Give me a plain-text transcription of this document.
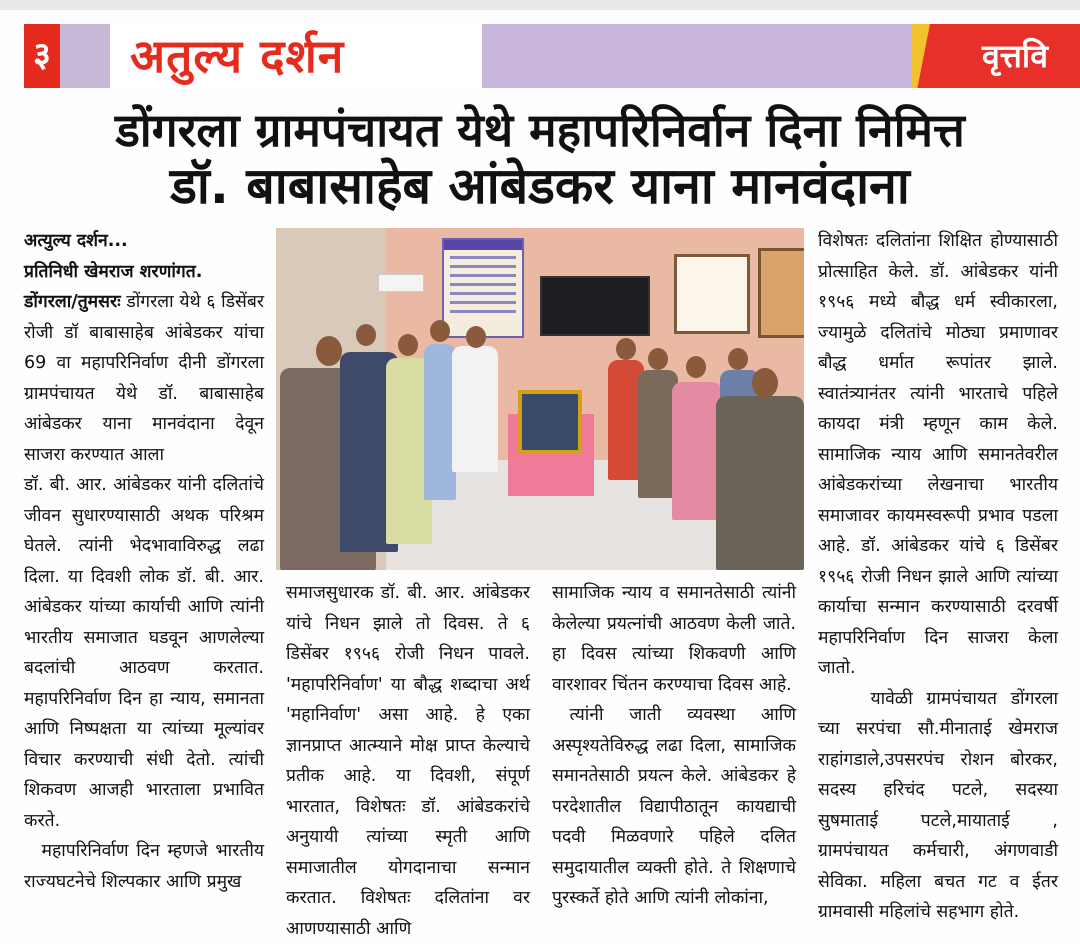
३	अतुल्य दर्शन	वृत्तवि
डोंगरला ग्रामपंचायत येथे महापरिनिर्वान दिना निमित्त
डॉ. बाबासाहेब आंबेडकर याना मानवंदाना

अत्युल्य दर्शन...

प्रतिनिधी खेमराज शरणांगत.

डोंगरला/तुमसरः डोंगरला येथे ६ डिसेंबर रोजी डॉ बाबासाहेब आंबेडकर यांचा 69 वा महापरिनिर्वाण दीनी डोंगरला ग्रामपंचायत येथे डॉ. बाबासाहेब आंबेडकर याना मानवंदाना देवून साजरा करण्यात आला

डॉ. बी. आर. आंबेडकर यांनी दलितांचे जीवन सुधारण्यासाठी अथक परिश्रम घेतले. त्यांनी भेदभावाविरुद्ध लढा दिला. या दिवशी लोक डॉ. बी. आर. आंबेडकर यांच्या कार्याची आणि त्यांनी भारतीय समाजात घडवून आणलेल्या बदलांची आठवण करतात. महापरिनिर्वाण दिन हा न्याय, समानता आणि निष्पक्षता या त्यांच्या मूल्यांवर विचार करण्याची संधी देतो. त्यांची शिकवण आजही भारताला प्रभावित करते.

महापरिनिर्वाण दिन म्हणजे भारतीय राज्यघटनेचे शिल्पकार आणि प्रमुख

समाजसुधारक डॉ. बी. आर. आंबेडकर यांचे निधन झाले तो दिवस. ते ६ डिसेंबर १९५६ रोजी निधन पावले. 'महापरिनिर्वाण' या बौद्ध शब्दाचा अर्थ 'महानिर्वाण' असा आहे. हे एका ज्ञानप्राप्त आत्म्याने मोक्ष प्राप्त केल्याचे प्रतीक आहे. या दिवशी, संपूर्ण भारतात, विशेषतः डॉ. आंबेडकरांचे अनुयायी त्यांच्या स्मृती आणि समाजातील योगदानाचा सन्मान करतात. विशेषतः दलितांना वर आणण्यासाठी आणि

सामाजिक न्याय व समानतेसाठी त्यांनी केलेल्या प्रयत्नांची आठवण केली जाते. हा दिवस त्यांच्या शिकवणी आणि वारशावर चिंतन करण्याचा दिवस आहे.

त्यांनी जाती व्यवस्था आणि अस्पृश्यतेविरुद्ध लढा दिला, सामाजिक समानतेसाठी प्रयत्न केले. आंबेडकर हे परदेशातील विद्यापीठातून कायद्याची पदवी मिळवणारे पहिले दलित समुदायातील व्यक्ती होते. ते शिक्षणाचे पुरस्कर्ते होते आणि त्यांनी लोकांना,

विशेषतः दलितांना शिक्षित होण्यासाठी प्रोत्साहित केले. डॉ. आंबेडकर यांनी १९५६ मध्ये बौद्ध धर्म स्वीकारला, ज्यामुळे दलितांचे मोठ्या प्रमाणावर बौद्ध धर्मात रूपांतर झाले. स्वातंत्र्यानंतर त्यांनी भारताचे पहिले कायदा मंत्री म्हणून काम केले. सामाजिक न्याय आणि समानतेवरील आंबेडकरांच्या लेखनाचा भारतीय समाजावर कायमस्वरूपी प्रभाव पडला आहे. डॉ. आंबेडकर यांचे ६ डिसेंबर १९५६ रोजी निधन झाले आणि त्यांच्या कार्याचा सन्मान करण्यासाठी दरवर्षी महापरिनिर्वाण दिन साजरा केला जातो.

यावेळी ग्रामपंचायत डोंगरला च्या सरपंचा सौ.मीनाताई खेमराज राहांगडाले,उपसरपंच रोशन बोरकर, सदस्य हरिचंद पटले, सदस्या सुषमाताई पटले,मायाताई , ग्रामपंचायत कर्मचारी, अंगणवाडी सेविका. महिला बचत गट व ईतर ग्रामवासी महिलांचे सहभाग होते.
